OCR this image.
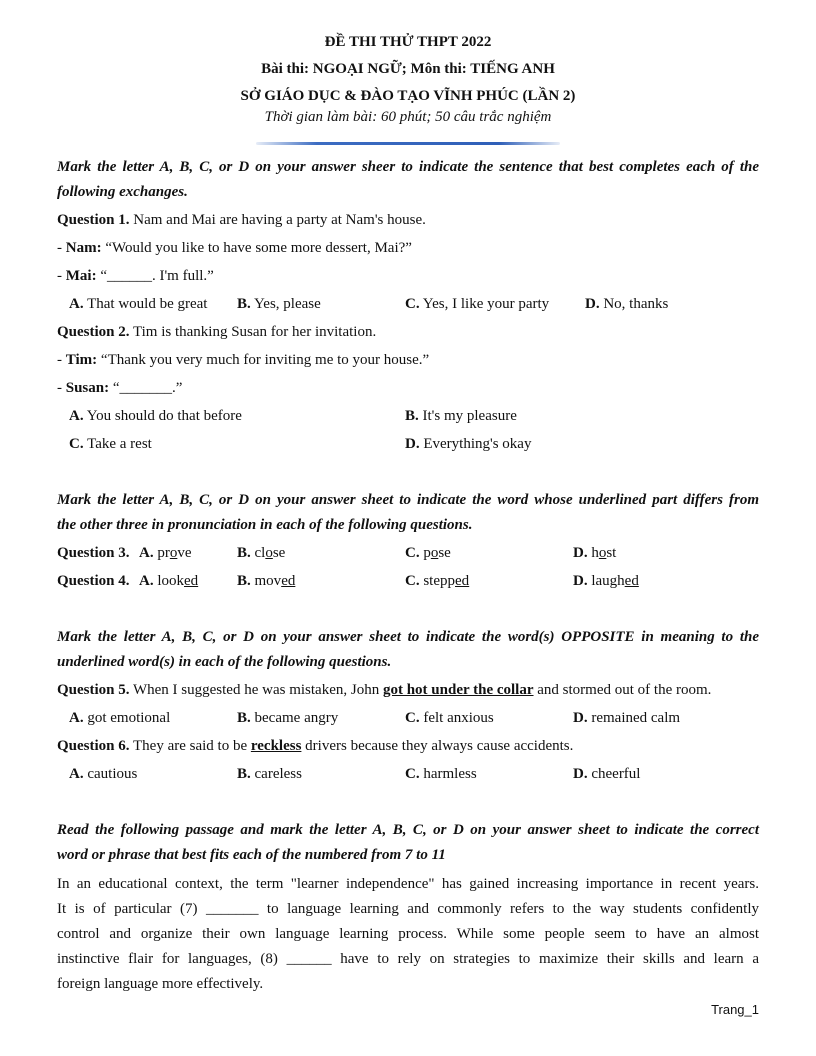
ĐỀ THI THỬ THPT 2022
Bài thi: NGOẠI NGỮ; Môn thi: TIẾNG ANH
SỞ GIÁO DỤC & ĐÀO TẠO VĨNH PHÚC (LẦN 2)
Thời gian làm bài: 60 phút; 50 câu trắc nghiệm
Mark the letter A, B, C, or D on your answer sheer to indicate the sentence that best completes each of the
following exchanges.
Question 1. Nam and Mai are having a party at Nam's house.
- Nam: “Would you like to have some more dessert, Mai?”
- Mai: “______. I'm full.”
A. That would be great B. Yes, please	C. Yes, I like your party D. No, thanks
Question 2. Tim is thanking Susan for her invitation.
- Tim: “Thank you very much for inviting me to your house.”
- Susan: “_______.”
A. You should do that before	B. It's my pleasure
C. Take a rest	D. Everything's okay
Mark the letter A, B, C, or D on your answer sheet to indicate the word whose underlined part differs from
the other three in pronunciation in each of the following questions.
Question 3. A. prove	B. close	C. pose	D. host
Question 4. A. looked	B. moved	C. stepped	D. laughed
Mark the letter A, B, C, or D on your answer sheet to indicate the word(s) OPPOSITE in meaning to the
underlined word(s) in each of the following questions.
Question 5. When I suggested he was mistaken, John got hot under the collar and stormed out of the room.
A. got emotional	B. became angry	C. felt anxious	D. remained calm
Question 6. They are said to be reckless drivers because they always cause accidents.
A. cautious	B. careless	C. harmless	D. cheerful
Read the following passage and mark the letter A, B, C, or D on your answer sheet to indicate the correct
word or phrase that best fits each of the numbered from 7 to 11
In an educational context, the term "learner independence" has gained increasing importance in recent years.
It is of particular (7) _______ to language learning and commonly refers to the way students confidently
control and organize their own language learning process. While some people seem to have an almost
instinctive flair for languages, (8) ______ have to rely on strategies to maximize their skills and learn a
foreign language more effectively.
Trang_1
